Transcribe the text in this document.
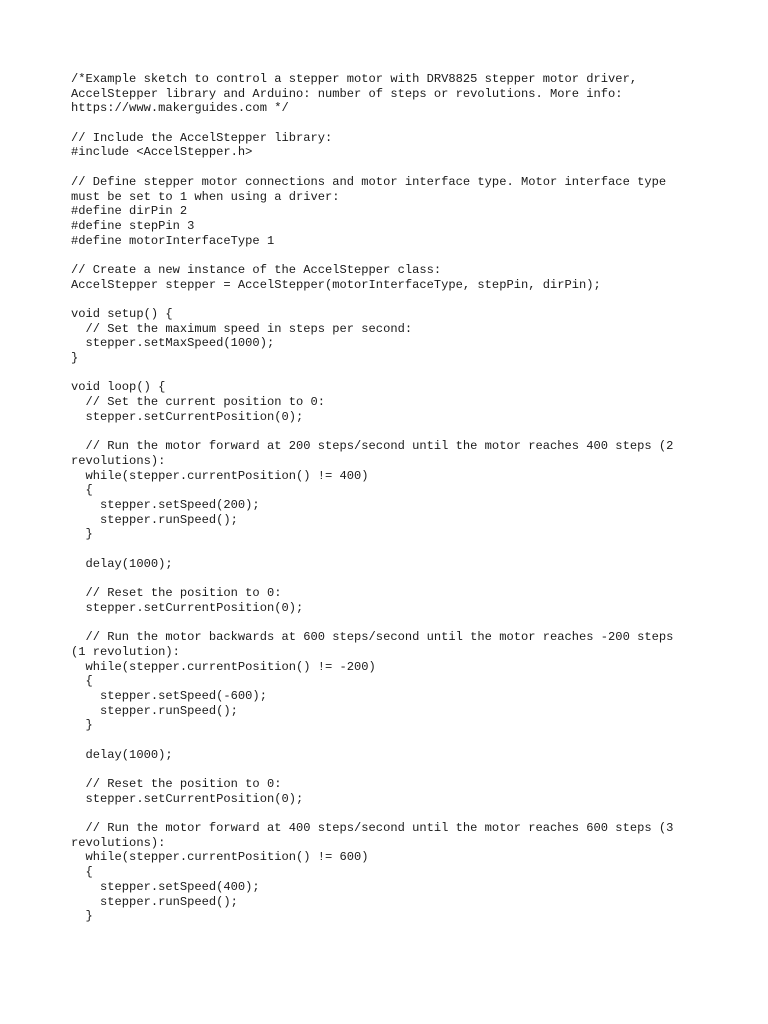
/*Example sketch to control a stepper motor with DRV8825 stepper motor driver,
AccelStepper library and Arduino: number of steps or revolutions. More info:
https://www.makerguides.com */
// Include the AccelStepper library:
#include <AccelStepper.h>
// Define stepper motor connections and motor interface type. Motor interface type
must be set to 1 when using a driver:
#define dirPin 2
#define stepPin 3
#define motorInterfaceType 1
// Create a new instance of the AccelStepper class:
AccelStepper stepper = AccelStepper(motorInterfaceType, stepPin, dirPin);
void setup() {
// Set the maximum speed in steps per second:
stepper.setMaxSpeed(1000);
}
void loop() {
// Set the current position to 0:
stepper.setCurrentPosition(0);
// Run the motor forward at 200 steps/second until the motor reaches 400 steps (2
revolutions):
while(stepper.currentPosition() != 400)
{
stepper.setSpeed(200);
stepper.runSpeed();
}
delay(1000);
// Reset the position to 0:
stepper.setCurrentPosition(0);
// Run the motor backwards at 600 steps/second until the motor reaches -200 steps
(1 revolution):
while(stepper.currentPosition() != -200)
{
stepper.setSpeed(-600);
stepper.runSpeed();
}
delay(1000);
// Reset the position to 0:
stepper.setCurrentPosition(0);
// Run the motor forward at 400 steps/second until the motor reaches 600 steps (3
revolutions):
while(stepper.currentPosition() != 600)
{
stepper.setSpeed(400);
stepper.runSpeed();
}
